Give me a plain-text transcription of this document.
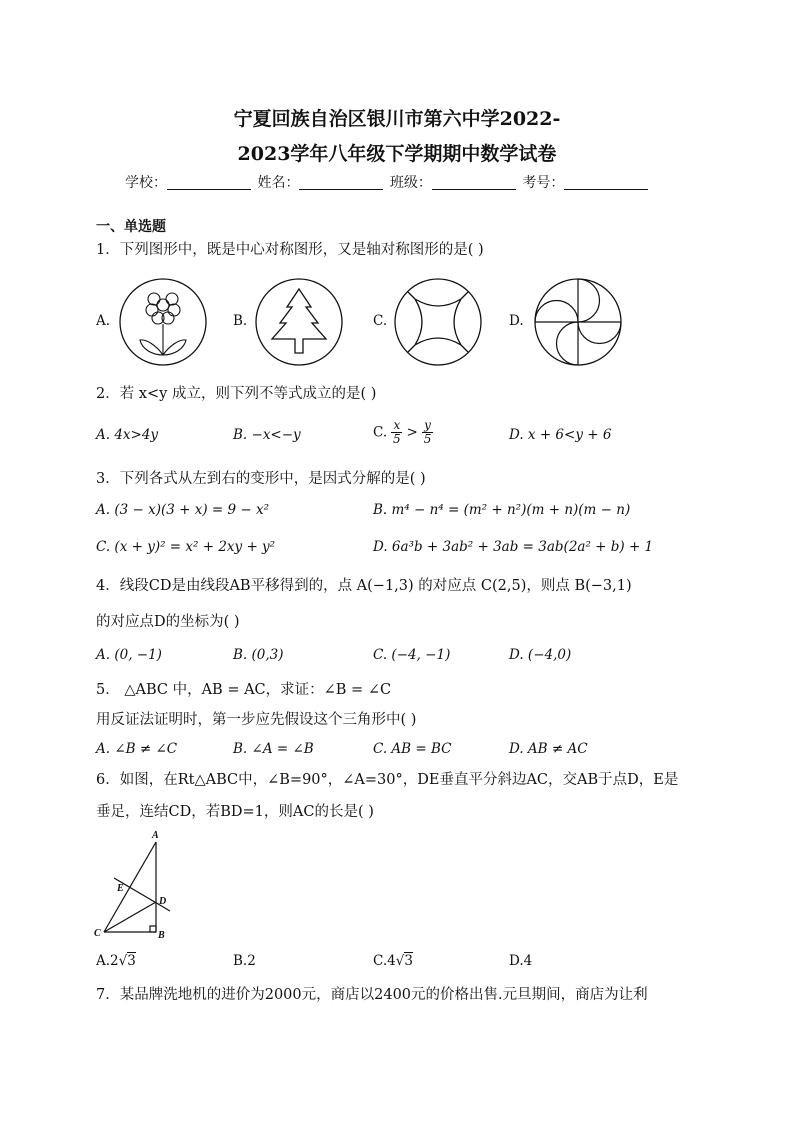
宁夏回族自治区银川市第六中学2022-
2023学年八年级下学期期中数学试卷
学校：	姓名：	班级：	考号：
一、单选题
1．下列图形中，既是中心对称图形，又是轴对称图形的是( )
A.	B.	C.	D.
2．若 x<y 成立，则下列不等式成立的是( )
A. 4x>4y	B. −x<−y	C. $\frac{x}{5} > \frac{y}{5}$	D. x + 6<y + 6
3．下列各式从左到右的变形中，是因式分解的是( )
A. (3 − x)(3 + x) = 9 − x²	B. m⁴ − n⁴ = (m² + n²)(m + n)(m − n)
C. (x + y)² = x² + 2xy + y²	D. 6a³b + 3ab² + 3ab = 3ab(2a² + b) + 1
4．线段CD是由线段AB平移得到的，点 A(−1,3) 的对应点 C(2,5)，则点 B(−3,1)
的对应点D的坐标为( )
A. (0, −1)	B. (0,3)	C. (−4, −1)	D. (−4,0)
5． △ABC 中，AB = AC，求证：∠B = ∠C
用反证法证明时，第一步应先假设这个三角形中( )
A. ∠B ≠ ∠C	B. ∠A = ∠B	C. AB = BC	D. AB ≠ AC
6．如图，在Rt△ABC中，∠B=90°，∠A=30°，DE垂直平分斜边AC，交AB于点D，E是
垂足，连结CD，若BD=1，则AC的长是( )
A
E
D
C	B
A.2√3	B.2	C.4√3	D.4
7．某品牌洗地机的进价为2000元，商店以2400元的价格出售.元旦期间，商店为让利
